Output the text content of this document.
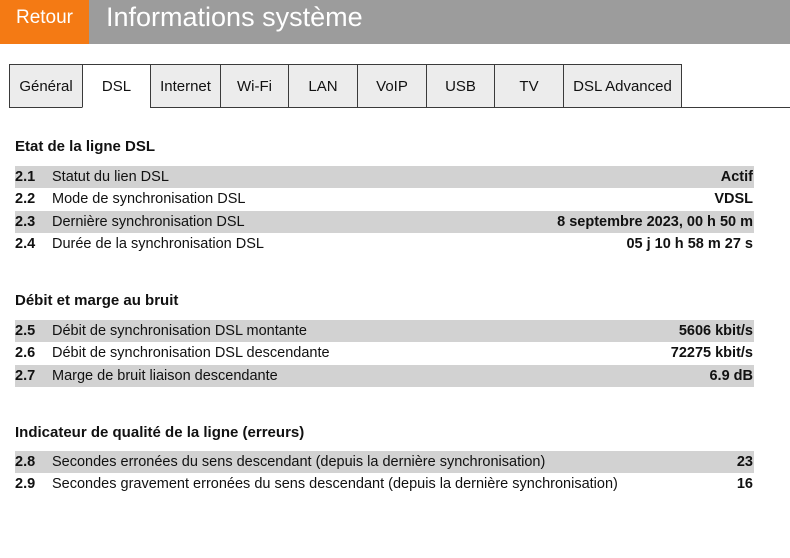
Retour	Informations système
Général	DSL	Internet	Wi-Fi	LAN	VoIP	USB	TV	DSL Advanced
Etat de la ligne DSL
2.1	Statut du lien DSL	Actif
2.2	Mode de synchronisation DSL	VDSL
2.3	Dernière synchronisation DSL	8 septembre 2023, 00 h 50 m
2.4	Durée de la synchronisation DSL	05 j 10 h 58 m 27 s
Débit et marge au bruit
2.5	Débit de synchronisation DSL montante	5606 kbit/s
2.6	Débit de synchronisation DSL descendante	72275 kbit/s
2.7	Marge de bruit liaison descendante	6.9 dB
Indicateur de qualité de la ligne (erreurs)
2.8	Secondes erronées du sens descendant (depuis la dernière synchronisation)	23
2.9	Secondes gravement erronées du sens descendant (depuis la dernière synchronisation)	16
